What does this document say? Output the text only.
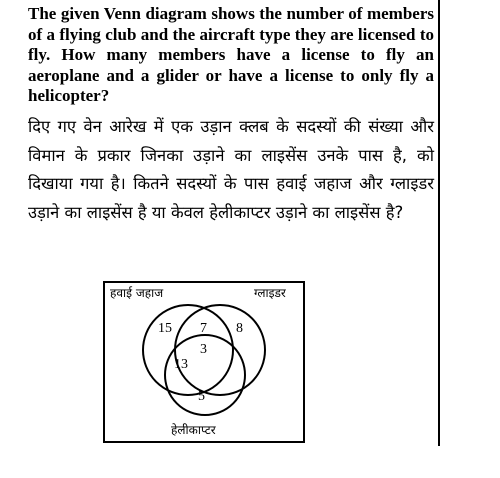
The given Venn diagram shows the number of members of a flying club and the aircraft type they are licensed to fly. How many members have a license to fly an aeroplane and a glider or have a license to only fly a helicopter?

दिए गए वेन आरेख में एक उड़ान क्लब के सदस्यों की संख्या और विमान के प्रकार जिनका उड़ाने का लाइसेंस उनके पास है, को दिखाया गया है। कितने सदस्यों के पास हवाई जहाज और ग्लाइडर उड़ाने का लाइसेंस है या केवल हेलीकाप्टर उड़ाने का लाइसेंस है?

हवाई जहाज	ग्लाइडर
हेलीकाप्टर
15 7 8
3
13
5
